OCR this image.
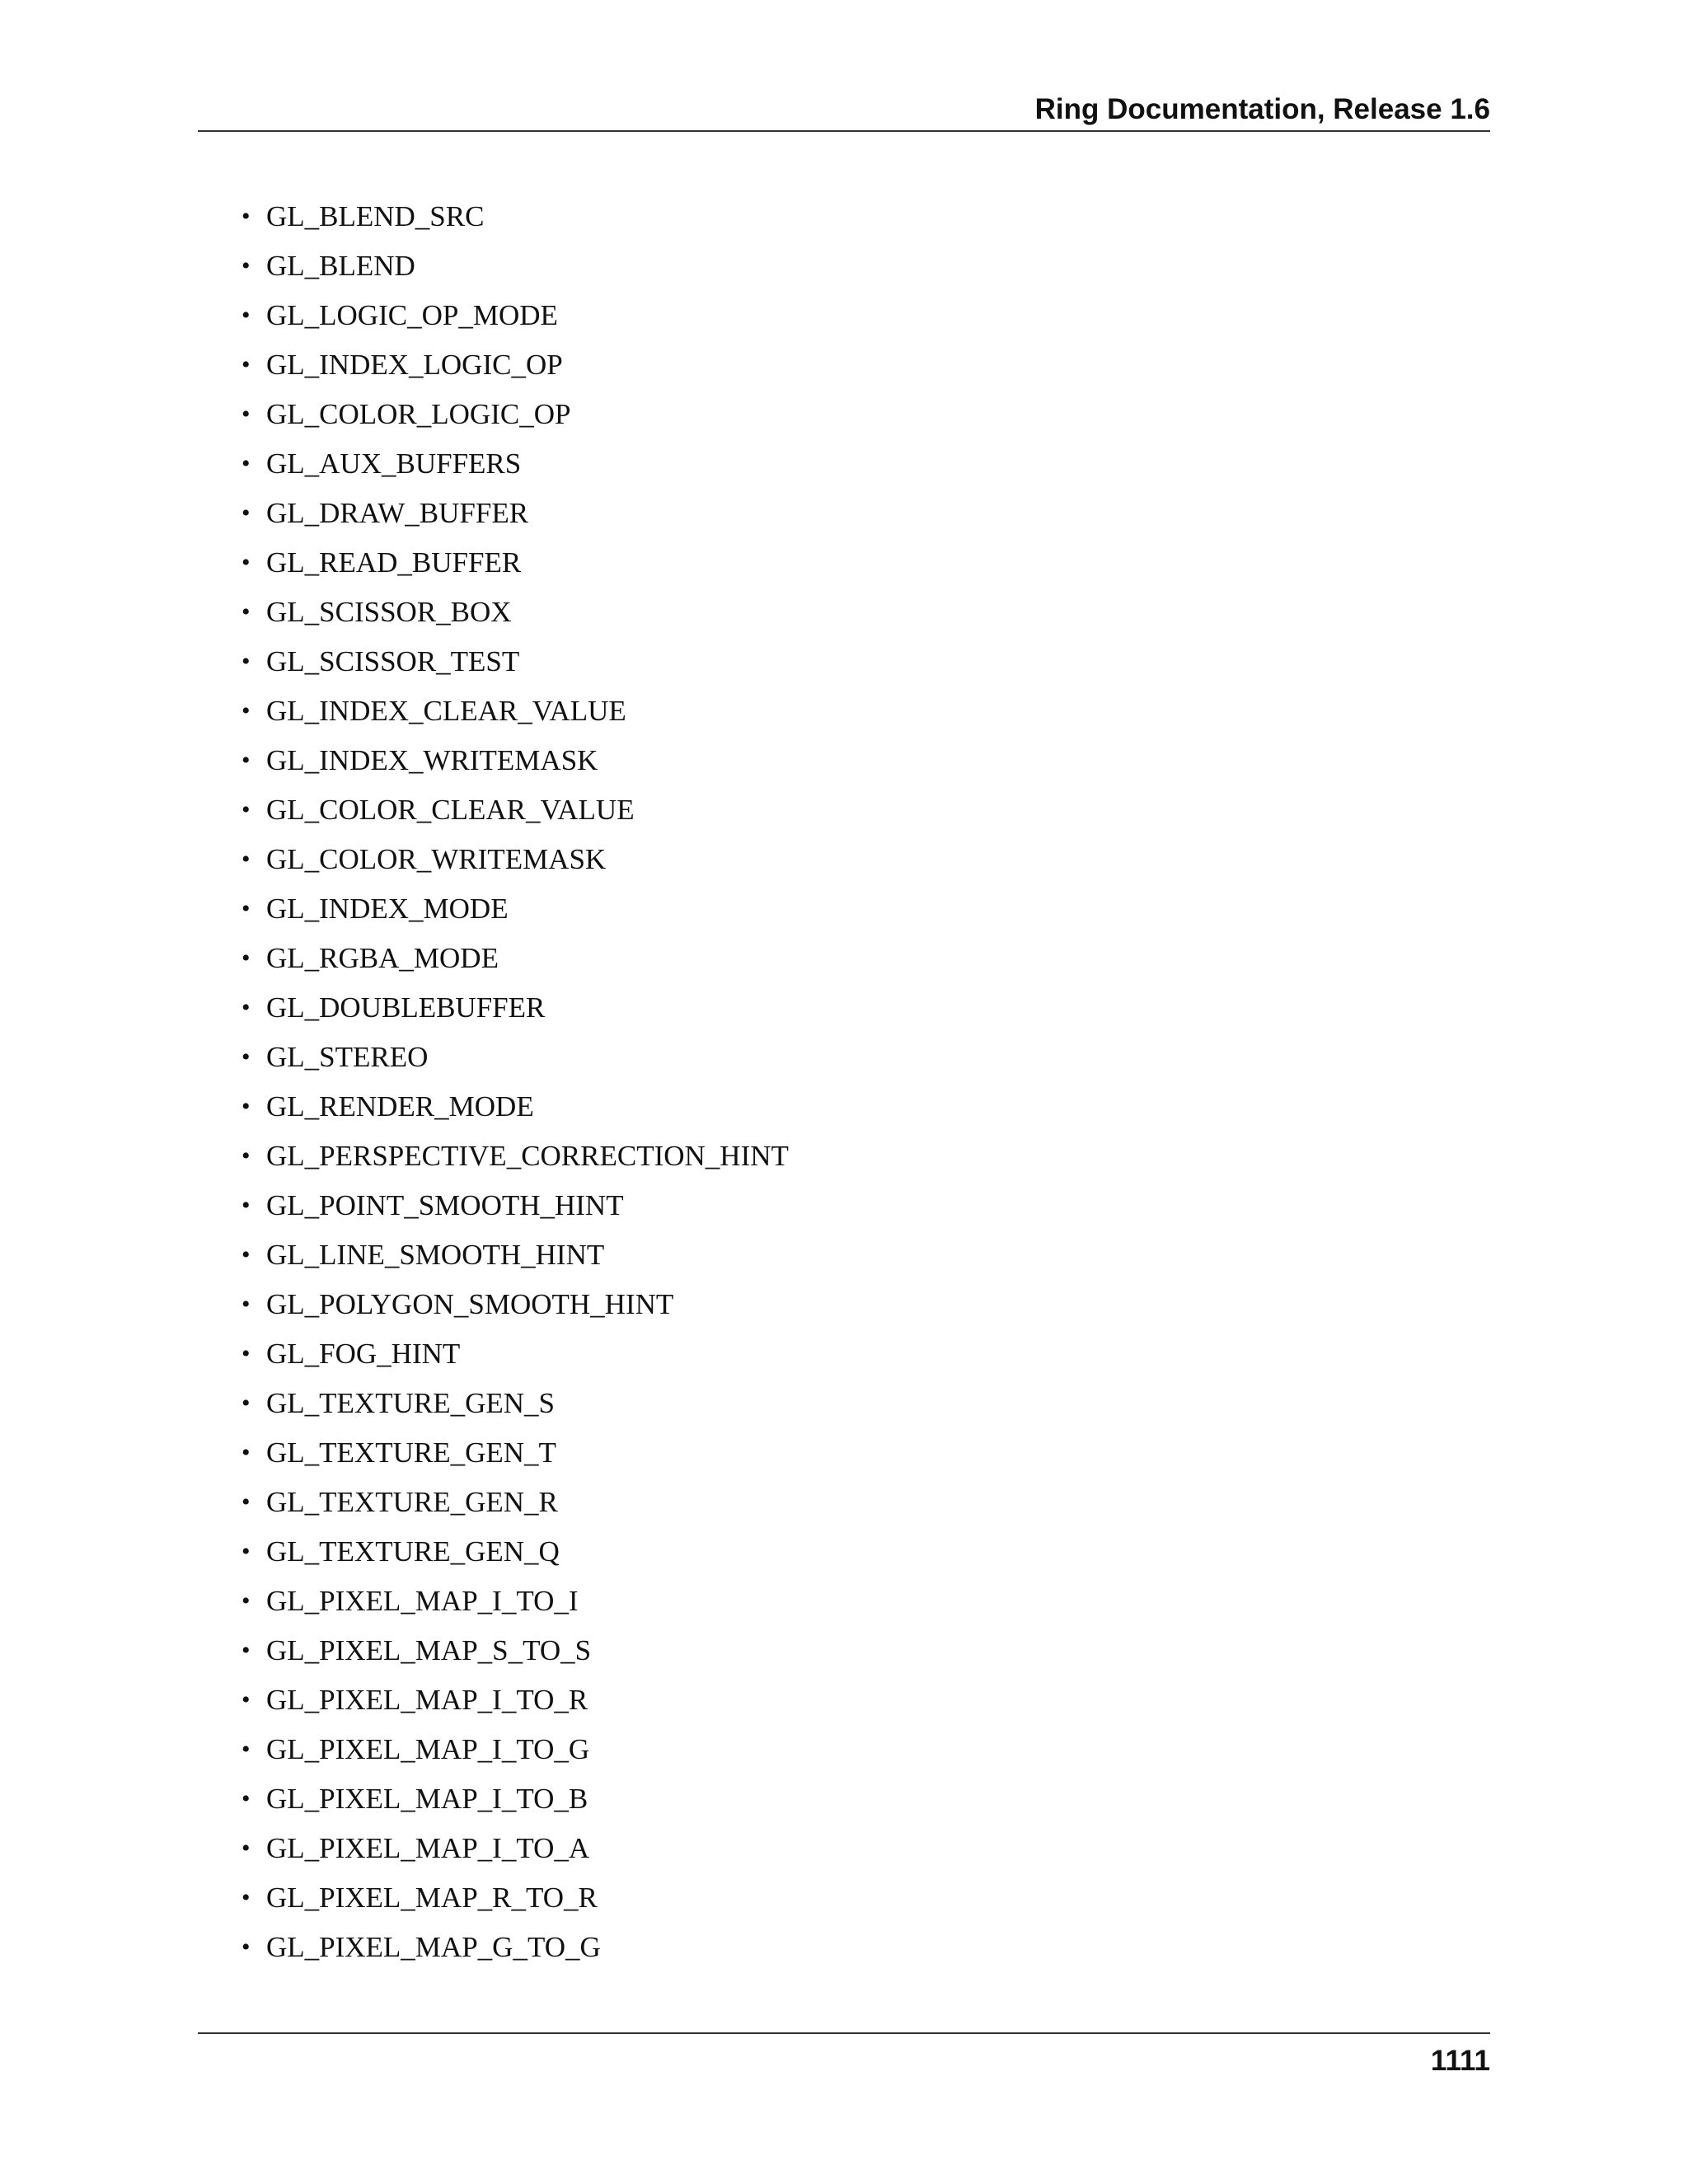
Ring Documentation, Release 1.6
• GL_BLEND_SRC
• GL_BLEND
• GL_LOGIC_OP_MODE
• GL_INDEX_LOGIC_OP
• GL_COLOR_LOGIC_OP
• GL_AUX_BUFFERS
• GL_DRAW_BUFFER
• GL_READ_BUFFER
• GL_SCISSOR_BOX
• GL_SCISSOR_TEST
• GL_INDEX_CLEAR_VALUE
• GL_INDEX_WRITEMASK
• GL_COLOR_CLEAR_VALUE
• GL_COLOR_WRITEMASK
• GL_INDEX_MODE
• GL_RGBA_MODE
• GL_DOUBLEBUFFER
• GL_STEREO
• GL_RENDER_MODE
• GL_PERSPECTIVE_CORRECTION_HINT
• GL_POINT_SMOOTH_HINT
• GL_LINE_SMOOTH_HINT
• GL_POLYGON_SMOOTH_HINT
• GL_FOG_HINT
• GL_TEXTURE_GEN_S
• GL_TEXTURE_GEN_T
• GL_TEXTURE_GEN_R
• GL_TEXTURE_GEN_Q
• GL_PIXEL_MAP_I_TO_I
• GL_PIXEL_MAP_S_TO_S
• GL_PIXEL_MAP_I_TO_R
• GL_PIXEL_MAP_I_TO_G
• GL_PIXEL_MAP_I_TO_B
• GL_PIXEL_MAP_I_TO_A
• GL_PIXEL_MAP_R_TO_R
• GL_PIXEL_MAP_G_TO_G
1111
